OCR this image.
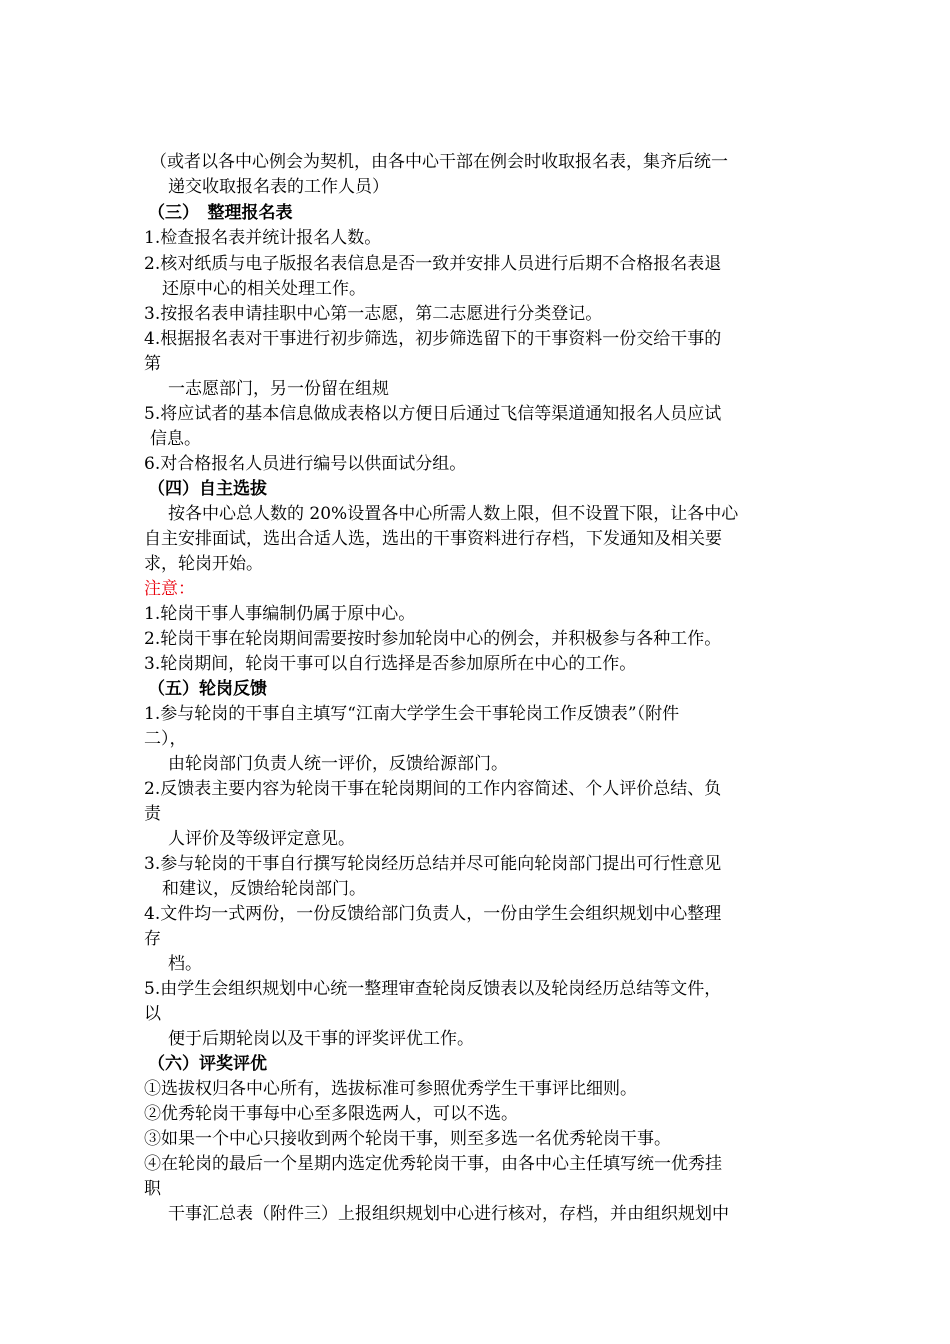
（或者以各中心例会为契机，由各中心干部在例会时收取报名表，集齐后统一
递交收取报名表的工作人员）
（三）　整理报名表
1.检查报名表并统计报名人数。
2.核对纸质与电子版报名表信息是否一致并安排人员进行后期不合格报名表退
还原中心的相关处理工作。
3.按报名表申请挂职中心第一志愿，第二志愿进行分类登记。
4.根据报名表对干事进行初步筛选，初步筛选留下的干事资料一份交给干事的
第
一志愿部门，另一份留在组规
5.将应试者的基本信息做成表格以方便日后通过飞信等渠道通知报名人员应试
信息。
6.对合格报名人员进行编号以供面试分组。
（四）自主选拔
按各中心总人数的 20%设置各中心所需人数上限，但不设置下限，让各中心
自主安排面试，选出合适人选，选出的干事资料进行存档，下发通知及相关要
求，轮岗开始。
注意：
1.轮岗干事人事编制仍属于原中心。
2.轮岗干事在轮岗期间需要按时参加轮岗中心的例会，并积极参与各种工作。
3.轮岗期间，轮岗干事可以自行选择是否参加原所在中心的工作。
（五）轮岗反馈
1.参与轮岗的干事自主填写“江南大学学生会干事轮岗工作反馈表”（附件
二），
由轮岗部门负责人统一评价，反馈给源部门。
2.反馈表主要内容为轮岗干事在轮岗期间的工作内容简述、个人评价总结、负
责
人评价及等级评定意见。
3.参与轮岗的干事自行撰写轮岗经历总结并尽可能向轮岗部门提出可行性意见
和建议，反馈给轮岗部门。
4.文件均一式两份，一份反馈给部门负责人，一份由学生会组织规划中心整理
存
档。
5.由学生会组织规划中心统一整理审查轮岗反馈表以及轮岗经历总结等文件，
以
便于后期轮岗以及干事的评奖评优工作。
（六）评奖评优
①选拔权归各中心所有，选拔标准可参照优秀学生干事评比细则。
②优秀轮岗干事每中心至多限选两人，可以不选。
③如果一个中心只接收到两个轮岗干事，则至多选一名优秀轮岗干事。
④在轮岗的最后一个星期内选定优秀轮岗干事，由各中心主任填写统一优秀挂
职
干事汇总表（附件三）上报组织规划中心进行核对，存档，并由组织规划中
